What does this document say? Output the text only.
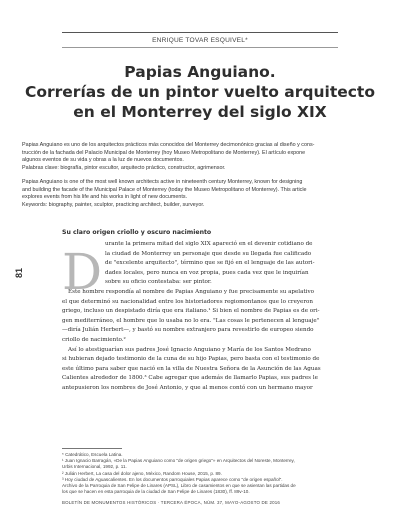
ENRIQUE TOVAR ESQUIVEL*
Papias Anguiano.
Correrías de un pintor vuelto arquitecto
en el Monterrey del siglo XIX
Papias Anguiano es uno de los arquitectos prácticos más conocidos del Monterrey decimonónico gracias al diseño y cons-
trucción de la fachada del Palacio Municipal de Monterrey (hoy Museo Metropolitano de Monterrey). El artículo expone
algunos eventos de su vida y obras a la luz de nuevos documentos.
Palabras clave: biografía, pintor escultor, arquitecto práctico, constructor, agrimensor.
Papias Anguiano is one of the most well known architects active in nineteenth century Monterrey, known for designing
and building the facade of the Municipal Palace of Monterrey (today the Museo Metropolitano of Monterrey). This article
explores events from his life and his works in light of new documents.
Keywords: biography, painter, sculptor, practicing architect, builder, surveyor.
Su claro origen criollo y oscuro nacimiento
81 D urante la primera mitad del siglo XIX apareció en el devenir cotidiano de
la ciudad de Monterrey un personaje que desde su llegada fue calificado
de "excelente arquitecto", término que se fijó en el lenguaje de las autori-
dades locales, pero nunca en voz propia, pues cada vez que le inquirían
sobre su oficio contestaba: ser pintor.
Este hombre respondía al nombre de Papias Anguiano y fue precisamente su apelativo
el que determinó su nacionalidad entre los historiadores regiomontanos que lo creyeron
griego, incluso un despistado diría que era italiano.¹ Si bien el nombre de Papias es de ori-
gen mediterráneo, el hombre que lo usaba no lo era. "Las cosas le pertenecen al lenguaje"
—diría Julián Herbert—, y bastó su nombre extranjero para revestirlo de europeo siendo
criollo de nacimiento.²
Así lo atestiguarían sus padres José Ignacio Anguiano y María de los Santos Medrano
si hubieran dejado testimonio de la cuna de su hijo Papias, pero basta con el testimonio de
este último para saber que nació en la villa de Nuestra Señora de la Asunción de las Aguas
Calientes alrededor de 1800.³ Cabe agregar que además de llamarlo Papias, sus padres le
antepusieron los nombres de José Antonio, y que al menos contó con un hermano mayor
* Catedrático, Escuela Latina.
¹ Juan Ignacio Barragán, «De la Papias Anguiano como "de origen griego"» en Arquitectos del Noreste, Monterrey,
Urbis Internacional, 1992, p. 11.
² Julián Herbert, La casa del dolor ajeno, México, Random House, 2015, p. 89.
³ Hoy ciudad de Aguascalientes. En los documentos parroquiales Papias aparece como "de origen español".
Archivo de la Parroquia de San Felipe de Linares (APSL), Libro de casamientos en que se asientan las partidas de
los que se hacen en esta parroquia de la ciudad de San Felipe de Linares (1830), ff. 89v-10.
BOLETÍN DE MONUMENTOS HISTÓRICOS · TERCERA ÉPOCA, NÚM. 37, MAYO-AGOSTO DE 2016
